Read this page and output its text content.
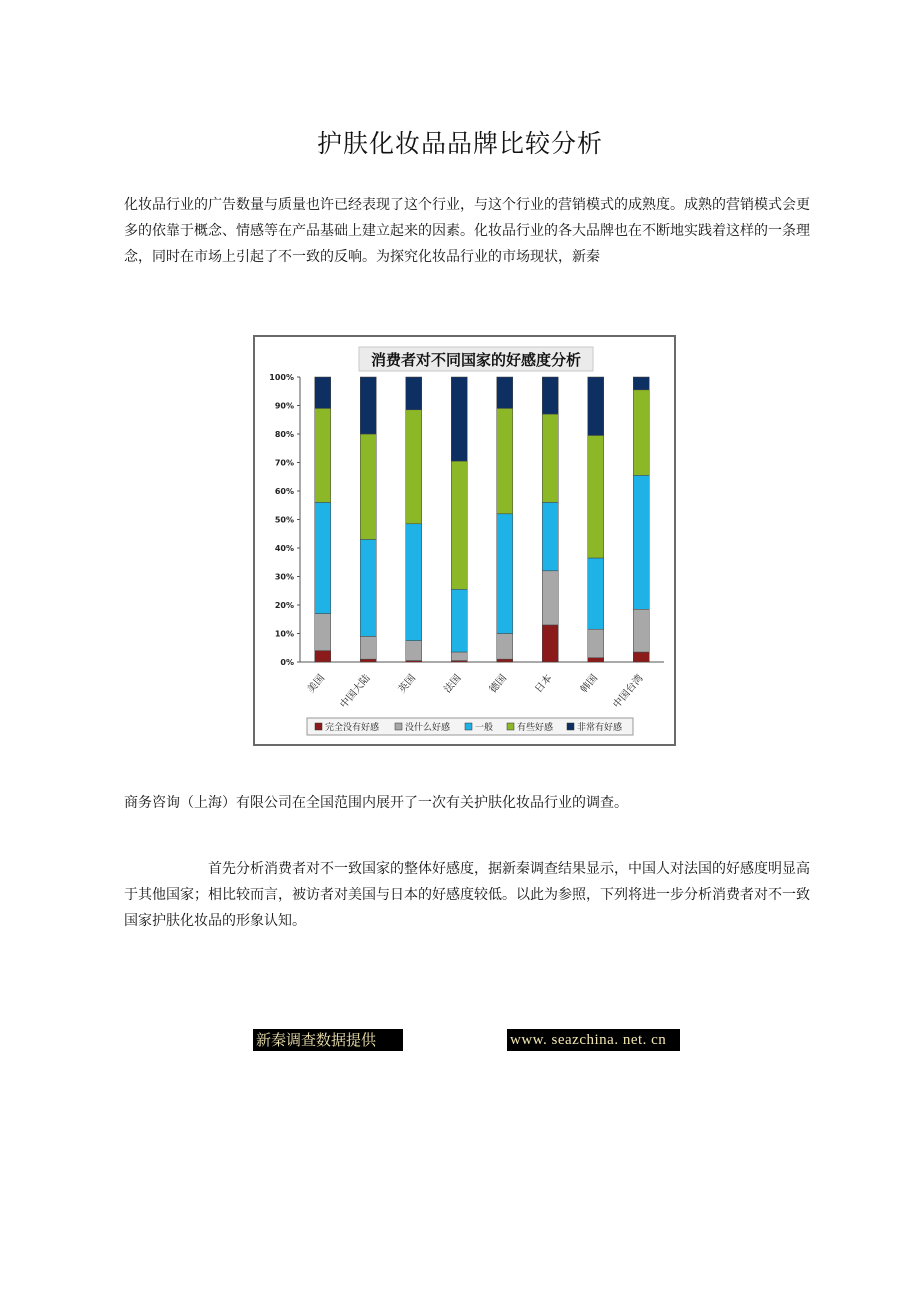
护肤化妆品品牌比较分析

化妆品行业的广告数量与质量也许已经表现了这个行业，与这个行业的营销模式的成熟度。成熟的营销模式会更多的依靠于概念、情感等在产品基础上建立起来的因素。化妆品行业的各大品牌也在不断地实践着这样的一条理念，同时在市场上引起了不一致的反响。为探究化妆品行业的市场现状，新秦

消费者对不同国家的好感度分析
0%
10%
20%
30%
40%
50%
60%
70%
80%
90%
100%
美国 中国大陆 英国 法国 德国 日本 韩国 中国台湾
完全没有好感	没什么好感	一般	有些好感	非常有好感

商务咨询（上海）有限公司在全国范围内展开了一次有关护肤化妆品行业的调查。

首先分析消费者对不一致国家的整体好感度，据新秦调查结果显示，中国人对法国的好感度明显高于其他国家；相比较而言，被访者对美国与日本的好感度较低。以此为参照，下列将进一步分析消费者对不一致国家护肤化妆品的形象认知。

新秦调查数据提供	www. seazchina. net. cn
